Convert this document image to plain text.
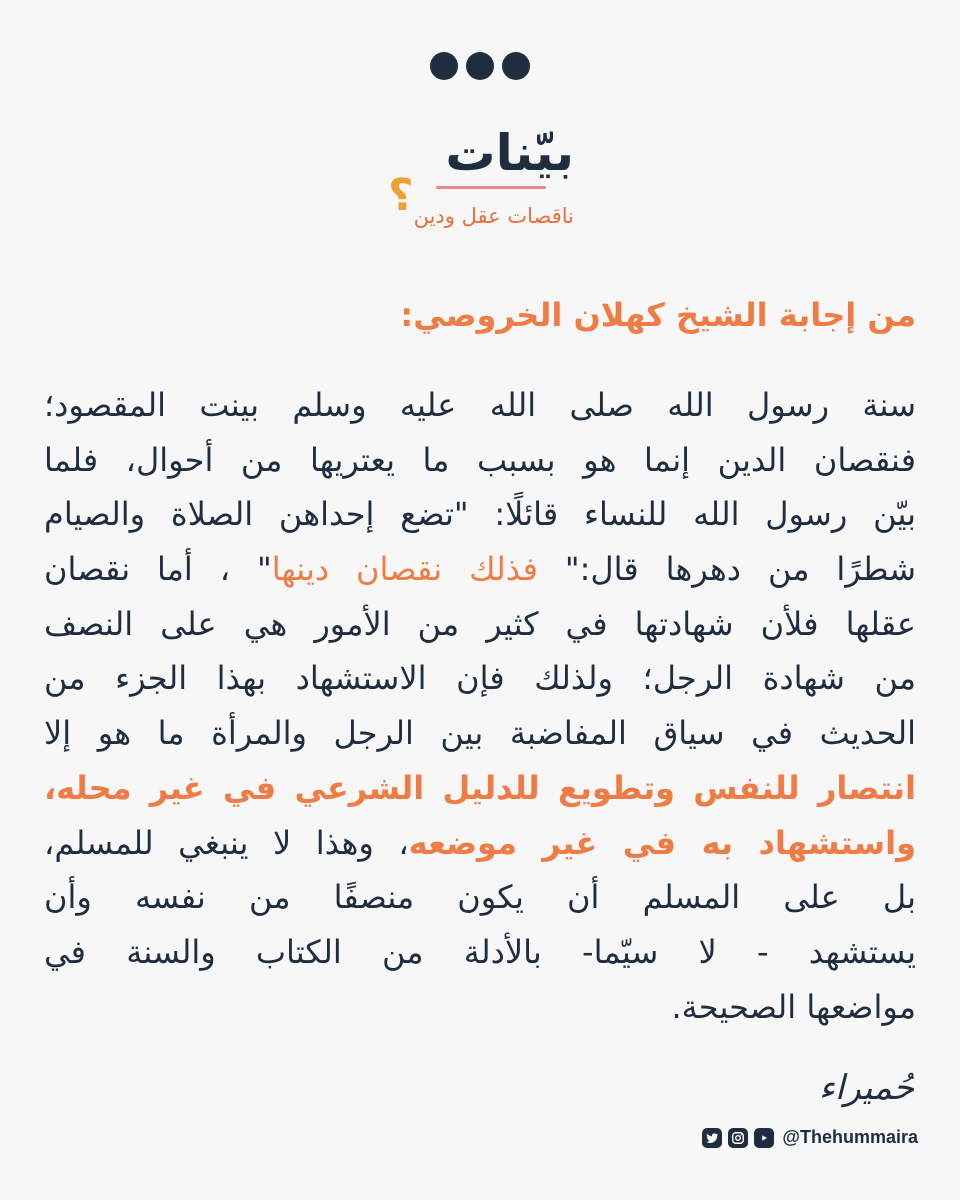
بيّنات
؟ ناقصات عقل ودين
من إجابة الشيخ كهلان الخروصي:
سنة رسول الله صلى الله عليه وسلم بينت المقصود؛
فنقصان الدين إنما هو بسبب ما يعتريها من أحوال، فلما
بيّن رسول الله للنساء قائلًا: "تضع إحداهن الصلاة والصيام
شطرًا من دهرها قال:" فذلك نقصان دينها" ، أما نقصان
عقلها فلأن شهادتها في كثير من الأمور هي على النصف
من شهادة الرجل؛ ولذلك فإن الاستشهاد بهذا الجزء من
الحديث في سياق المفاضبة بين الرجل والمرأة ما هو إلا
انتصار للنفس وتطويع للدليل الشرعي في غير محله،
واستشهاد به في غير موضعه، وهذا لا ينبغي للمسلم،
بل على المسلم أن يكون منصفًا من نفسه وأن
يستشهد - لا سيّما- بالأدلة من الكتاب والسنة في
مواضعها الصحيحة.
حُميراء
@Thehummaira
